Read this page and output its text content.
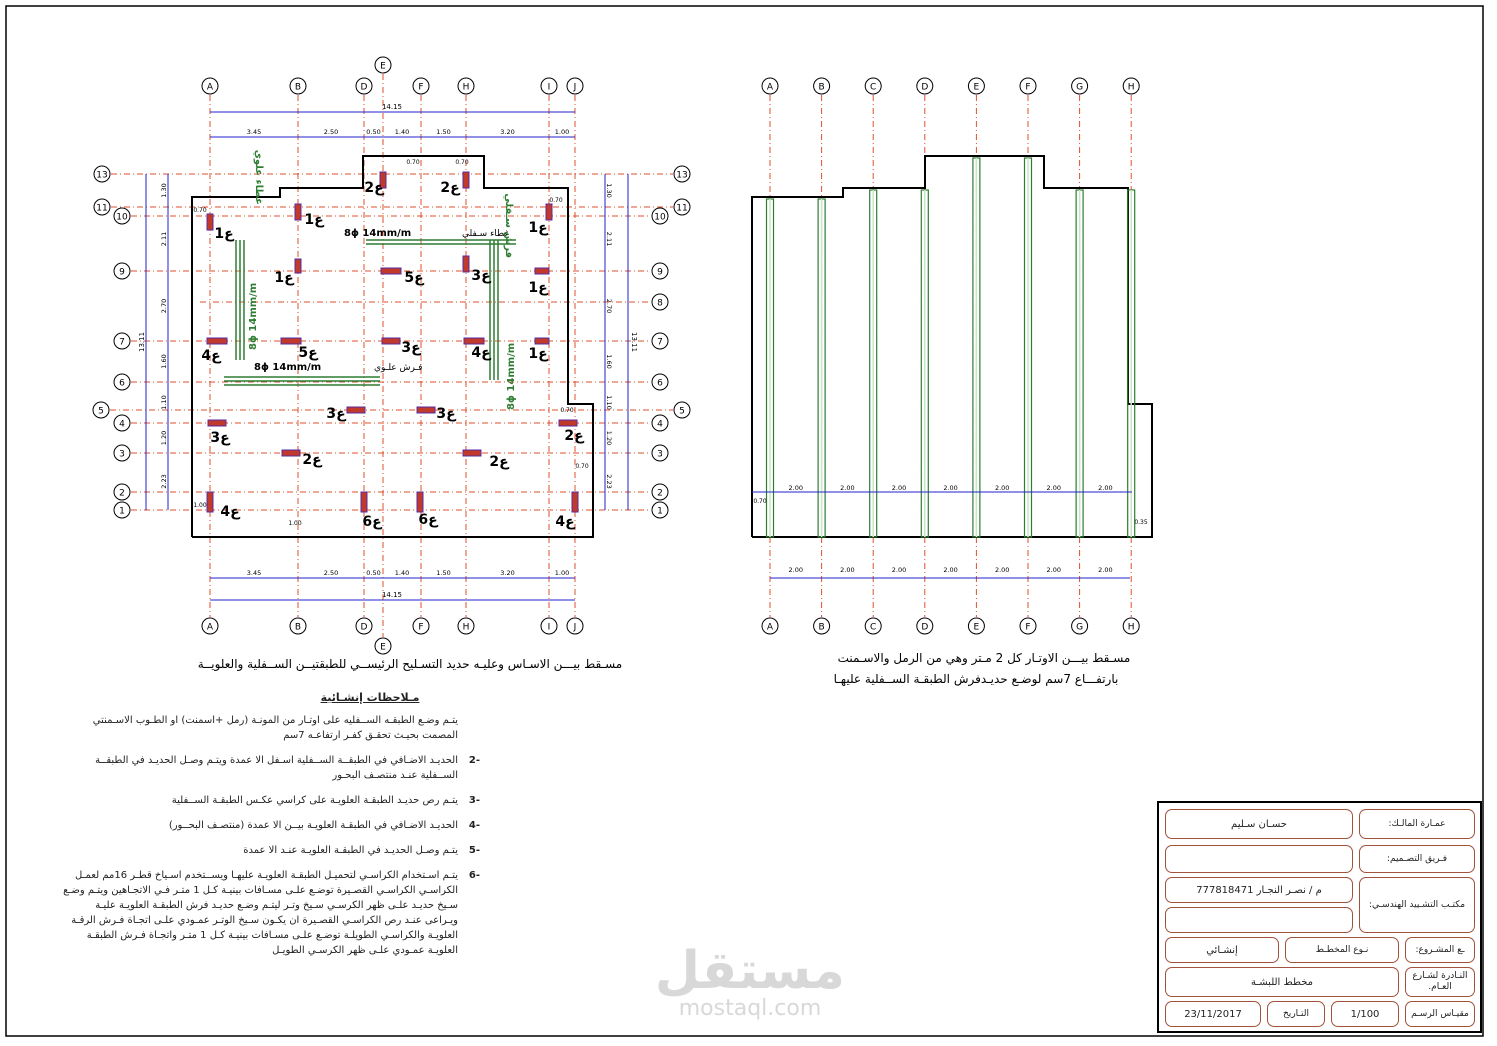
A
A
B
B
D
D
E
E
F
F
H
H
I
I
J
J
13	13
11	11
10	10
9	9
8
7	7
6	6
5	5
4	4
3	3
2	2
1	1
14.15
14.15
3.45
3.45
2.50
2.50
0.50
0.50
1.40
1.40
1.50
1.50
3.20
3.20
1.00
1.00
13.11	13.11
1.30	1.30
2.11	2.11
2.70	2.70
1.60	1.60
1.10	1.10
1.20	1.20
2.23	2.23
0.70
0.70	0.70
0.70
0.70
0.70
1.00
1.00
ع1
ع2	ع2
ع1
ع1
ع1	ع5	ع3
ع1
ع4	ع5	ع3	ع4	ع1
ع3
ع3	ع3
ع2
ع2	ع2
ع4
ع6	ع6	ع4
غطاء سـفلي
8ϕ 14mm/m
8ϕ 14mm/m
غطاء علوي
8ϕ 14mm/m
فرش سـفلي
8ϕ 14mm/m	فـرش علـوي
مسـقط بيـــن الاسـاس وعليـه حديد التسـليح الرئيســي للطبقتيــن الســفلية والعلويــة
A
A
B
B
C
C
D
D
E
E
F
F
G
G
H
H
2.00
2.00
2.00
2.00
2.00
2.00
2.00
2.00
2.00
2.00
2.00
2.00
2.00
2.00
0.70
0.35
مسـقط بيـــن الاوتـار كل 2 مـتر وهي من الرمل والاسـمنت
بارتفـــاع 7سم لوضـع حديـدفرش الطبقـة الســفلية عليهـا
مـلاحظات إنشـائية
يتـم وضـع الطبقـه الســفليه على اوتـار من المونـة (رمل +اسمنت) او الطـوب الاسـمنتي المصمت بحيـث تحقـق كفـر ارتفاعـه 7سم
-2
الحديـد الاضـافي في الطبقــة الســفلية اسـفل الا عمدة ويتـم وصـل الحديـد في الطبقــة الســفلية عنـد منتصـف البحـور
-3
يتـم رص حديـد الطبقـة العلويـة على كراسي عكـس الطبقـة الســفلية
-4
الحديـد الاضـافي في الطبقـة العلويـة بيــن الا عمدة (منتصـف البحــور)
-5
يتـم وصـل الحديـد في الطبقـة العلويـة عنـد الا عمدة
-6
يتـم اسـتخدام الكراسـي لتحميـل الطبقـة العلويـة عليهـا ويســتخدم اسـياخ قطـر 16مم لعمـل الكراسـي الكراسـي القصـيرة توضـع علـى مسـافات بينيـة كـل 1 متـر فـي الاتجـاهين ويتـم وضـع سـيخ حديـد علـى ظهر الكرسـي سـيخ وتـر ليتـم وضـع حديـد فرش الطبقـة العلويـة عليـة ويـراعى عنـد رص الكراسـي القصـيرة ان يكـون سـيخ الوتـر عمـودي علـى اتجـاة فـرش الرقـة العلويـة والكراسـي الطويلـة توضـع علـى مسـافات بينيـة كـل 1 متـر واتجـاة فـرش الطبقـة العلويـة عمـودي علـى ظهر الكرسـي الطويـل
عمـارة المالـك:
حسـان سـليم
فـريق التصـميم:
مكتـب التشـييد الهندسـي:
م / نصـر النجـار 777818471
ـع المشـروع:
نـوع المخطـط
إنشـائي
النـادرة لشـارع العـام.
مخطط اللبشـة
مقيـاس الرسـم
1/100
التـاريخ
23/11/2017
مستقل
mostaql.com
